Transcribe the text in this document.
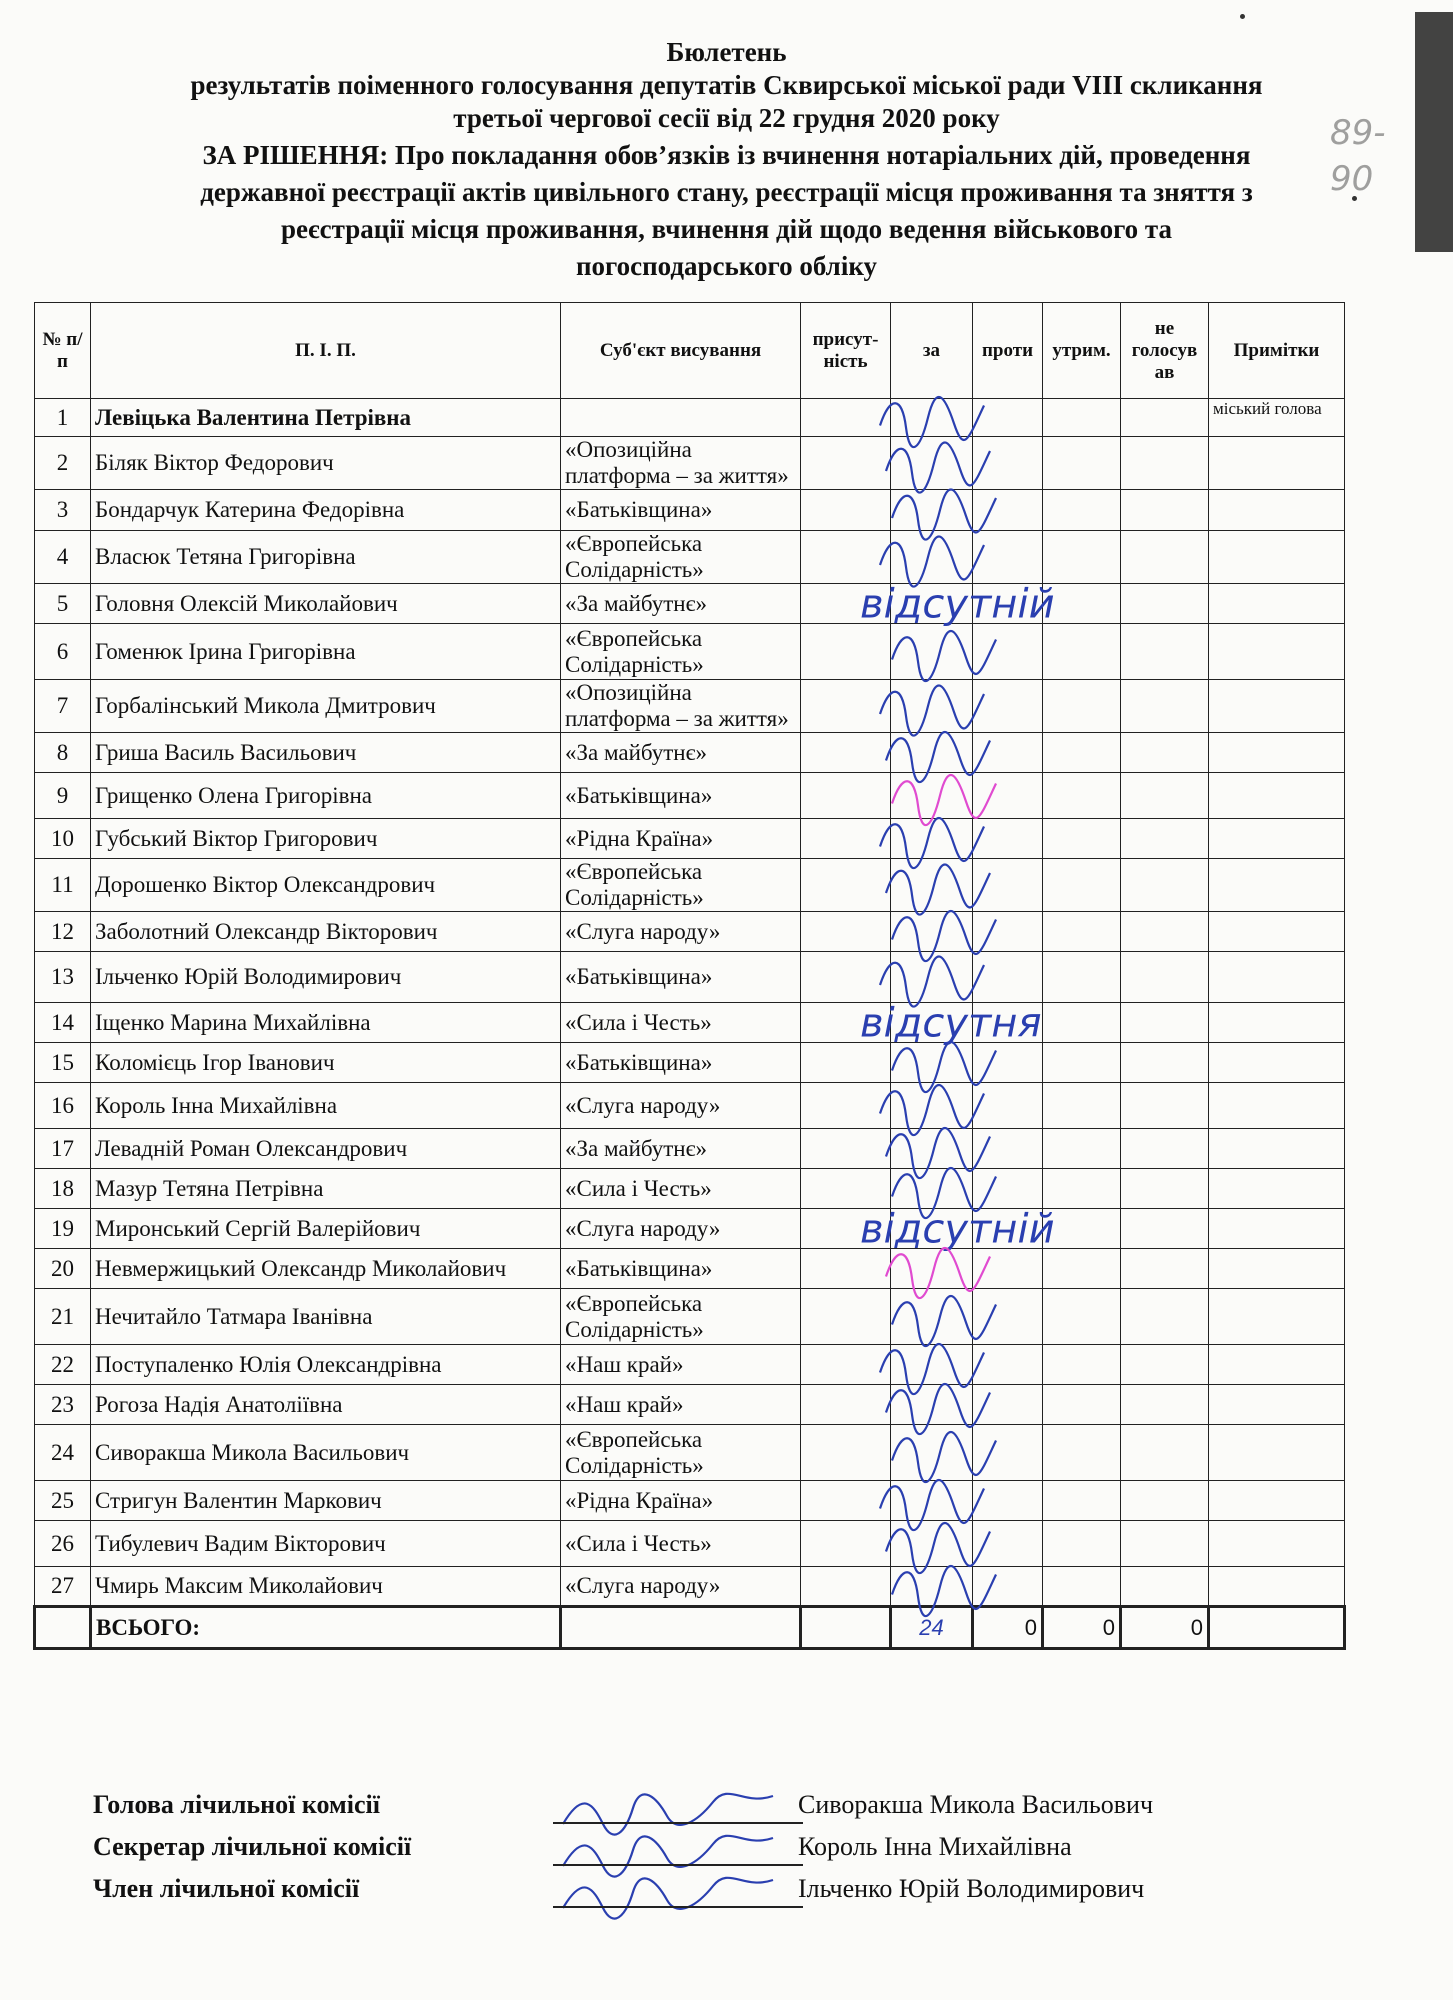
Бюлетень
результатів поіменного голосування депутатів Сквирської міської ради VIII скликання
третьої чергової сесії від 22 грудня 2020 року
ЗА РІШЕННЯ: Про покладання обов’язків із вчинення нотаріальних дій, проведення
державної реєстрації актів цивільного стану, реєстрації місця проживання та зняття з
реєстрації місця проживання, вчинення дій щодо ведення військового та
погосподарського обліку
89-
90
№ п/п	П. І. П.	Суб'єкт висування	присут-ність	за	проти	утрим.	не голосув ав	Примітки
1	Левіцька Валентина Петрівна							міський голова
2	Біляк Віктор Федорович	«Опозиційна платформа – за життя»						
3	Бондарчук Катерина Федорівна	«Батьківщина»						
4	Власюк Тетяна Григорівна	«Європейська Солідарність»						
5	Головня Олексій Миколайович	«За майбутнє»						
6	Гоменюк Ірина Григорівна	«Європейська Солідарність»						
7	Горбалінський Микола Дмитрович	«Опозиційна платформа – за життя»						
8	Гриша Василь Васильович	«За майбутнє»						
9	Грищенко Олена Григорівна	«Батьківщина»						
10	Губський Віктор Григорович	«Рідна Країна»						
11	Дорошенко Віктор Олександрович	«Європейська Солідарність»						
12	Заболотний Олександр Вікторович	«Слуга народу»						
13	Ільченко Юрій Володимирович	«Батьківщина»						
14	Іщенко Марина Михайлівна	«Сила і Честь»						
15	Коломієць Ігор Іванович	«Батьківщина»						
16	Король Інна Михайлівна	«Слуга народу»						
17	Левадній Роман Олександрович	«За майбутнє»						
18	Мазур Тетяна Петрівна	«Сила і Честь»						
19	Миронський Сергій Валерійович	«Слуга народу»						
20	Невмержицький Олександр Миколайович	«Батьківщина»						
21	Нечитайло Татмара Іванівна	«Європейська Солідарність»						
22	Поступаленко Юлія Олександрівна	«Наш край»						
23	Рогоза Надія Анатоліївна	«Наш край»						
24	Сиворакша Микола Васильович	«Європейська Солідарність»						
25	Стригун Валентин Маркович	«Рідна Країна»						
26	Тибулевич Вадим Вікторович	«Сила і Честь»						
27	Чмирь Максим Миколайович	«Слуга народу»						
	ВСЬОГО:			24	0	0	0	
відсутній
відсутня
відсутній
Голова лічильної комісії	Сиворакша Микола Васильович
Секретар лічильної комісії	Король Інна Михайлівна
Член лічильної комісії	Ільченко Юрій Володимирович
